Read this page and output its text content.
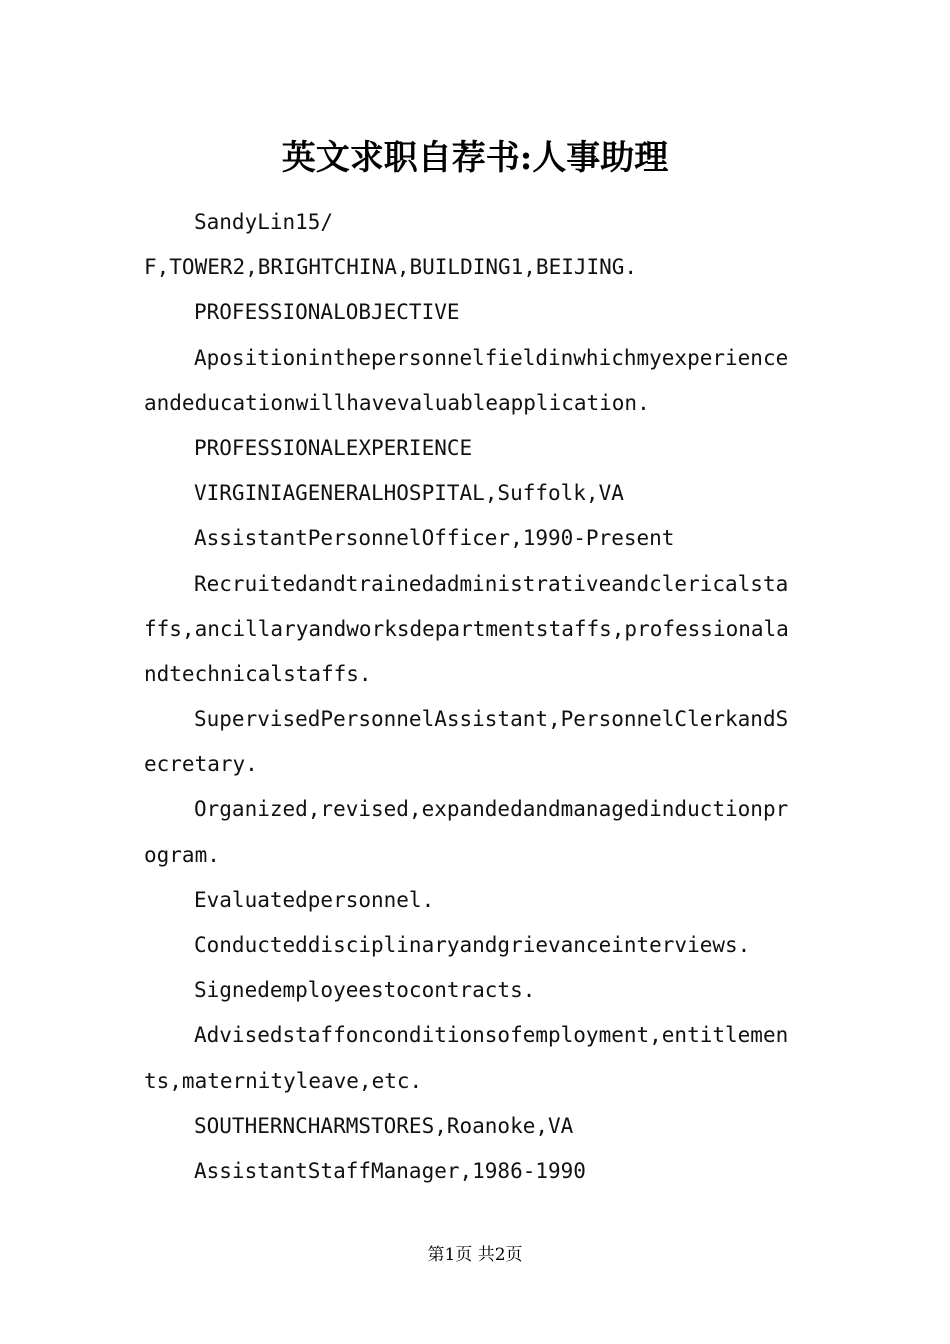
英文求职自荐书:人事助理
SandyLin15/
F,TOWER2,BRIGHTCHINA,BUILDING1,BEIJING.
PROFESSIONALOBJECTIVE
Apositioninthepersonnelfieldinwhichmyexperience
andeducationwillhavevaluableapplication.
PROFESSIONALEXPERIENCE
VIRGINIAGENERALHOSPITAL,Suffolk,VA
AssistantPersonnelOfficer,1990-Present
Recruitedandtrainedadministrativeandclericalsta
ffs,ancillaryandworksdepartmentstaffs,professionala
ndtechnicalstaffs.
SupervisedPersonnelAssistant,PersonnelClerkandS
ecretary.
Organized,revised,expandedandmanagedinductionpr
ogram.
Evaluatedpersonnel.
Conducteddisciplinaryandgrievanceinterviews.
Signedemployeestocontracts.
Advisedstaffonconditionsofemployment,entitlemen
ts,maternityleave,etc.
SOUTHERNCHARMSTORES,Roanoke,VA
AssistantStaffManager,1986-1990
第1页 共2页
